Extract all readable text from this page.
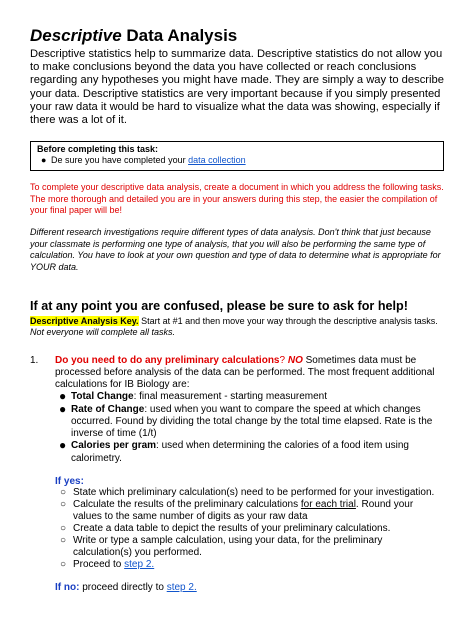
Descriptive Data Analysis

Descriptive statistics help to summarize data. Descriptive statistics do not allow you to make conclusions beyond the data you have collected or reach conclusions regarding any hypotheses you might have made. They are simply a way to describe your data. Descriptive statistics are very important because if you simply presented your raw data it would be hard to visualize what the data was showing, especially if there was a lot of it.

Before completing this task:
● De sure you have completed your data collection
To complete your descriptive data analysis, create a document in which you address the following tasks. The more thorough and detailed you are in your answers during this step, the easier the compilation of your final paper will be!
Different research investigations require different types of data analysis. Don't think that just because your classmate is performing one type of analysis, that you will also be performing the same type of calculation. You have to look at your own question and type of data to determine what is appropriate for YOUR data.
If at any point you are confused, please be sure to ask for help!
Descriptive Analysis Key. Start at #1 and then move your way through the descriptive analysis tasks. Not everyone will complete all tasks.
1. Do you need to do any preliminary calculations? NO Sometimes data must be processed before analysis of the data can be performed. The most frequent additional calculations for IB Biology are:
● Total Change: final measurement - starting measurement
● Rate of Change: used when you want to compare the speed at which changes occurred. Found by dividing the total change by the total time elapsed. Rate is the inverse of time (1/t)
● Calories per gram: used when determining the calories of a food item using calorimetry.
If yes:
○ State which preliminary calculation(s) need to be performed for your investigation.
○ Calculate the results of the preliminary calculations for each trial. Round your values to the same number of digits as your raw data
○ Create a data table to depict the results of your preliminary calculations.
○ Write or type a sample calculation, using your data, for the preliminary calculation(s) you performed.
○ Proceed to step 2.
If no: proceed directly to step 2.
